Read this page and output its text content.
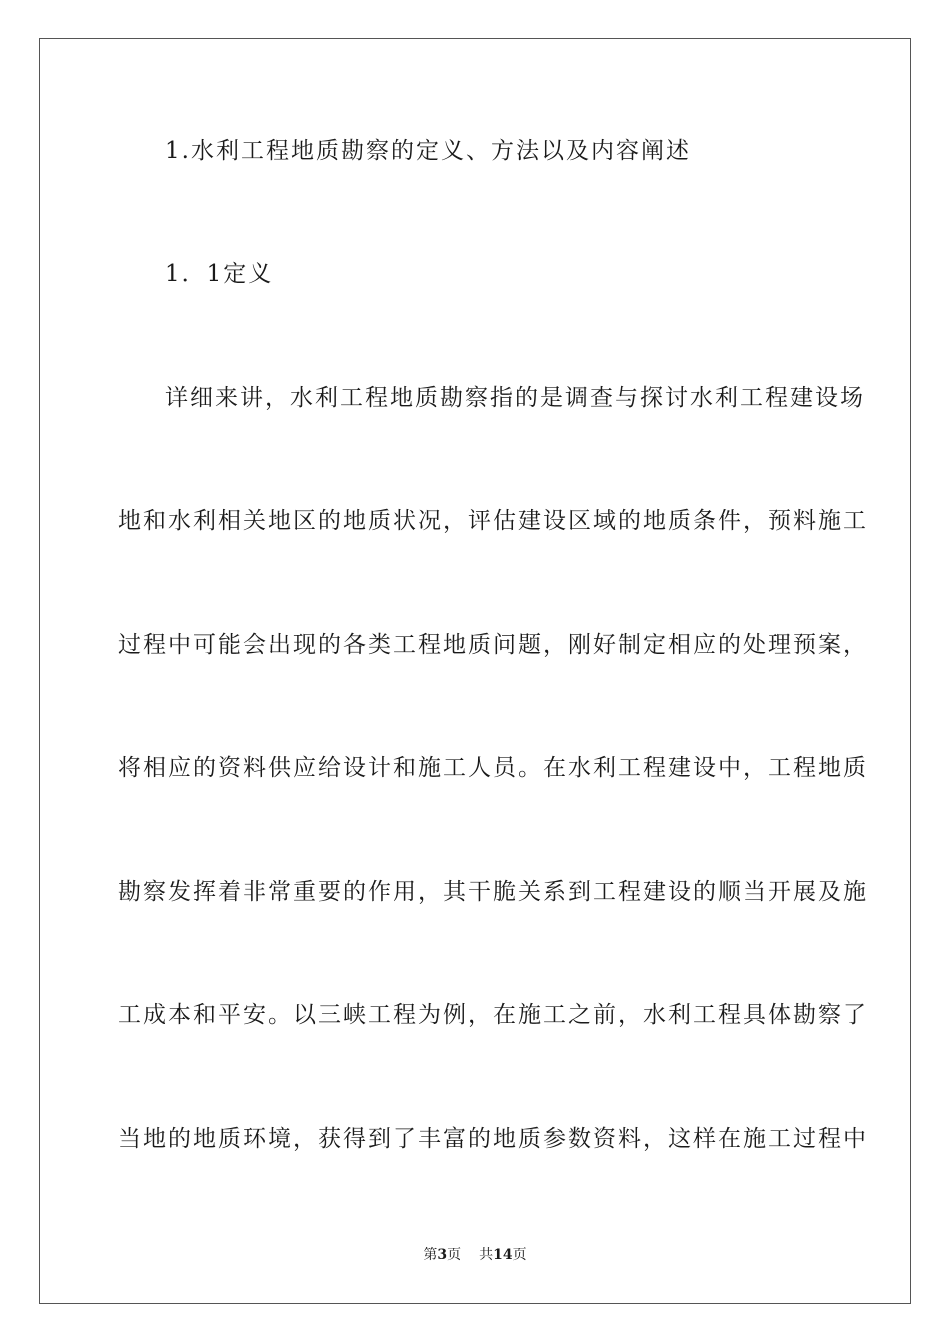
1.水利工程地质勘察的定义、方法以及内容阐述
1．1定义
详细来讲，水利工程地质勘察指的是调查与探讨水利工程建设场
地和水利相关地区的地质状况，评估建设区域的地质条件，预料施工
过程中可能会出现的各类工程地质问题，刚好制定相应的处理预案，
将相应的资料供应给设计和施工人员。在水利工程建设中，工程地质
勘察发挥着非常重要的作用，其干脆关系到工程建设的顺当开展及施
工成本和平安。以三峡工程为例，在施工之前，水利工程具体勘察了
当地的地质环境，获得到了丰富的地质参数资料，这样在施工过程中
第3页 共14页
